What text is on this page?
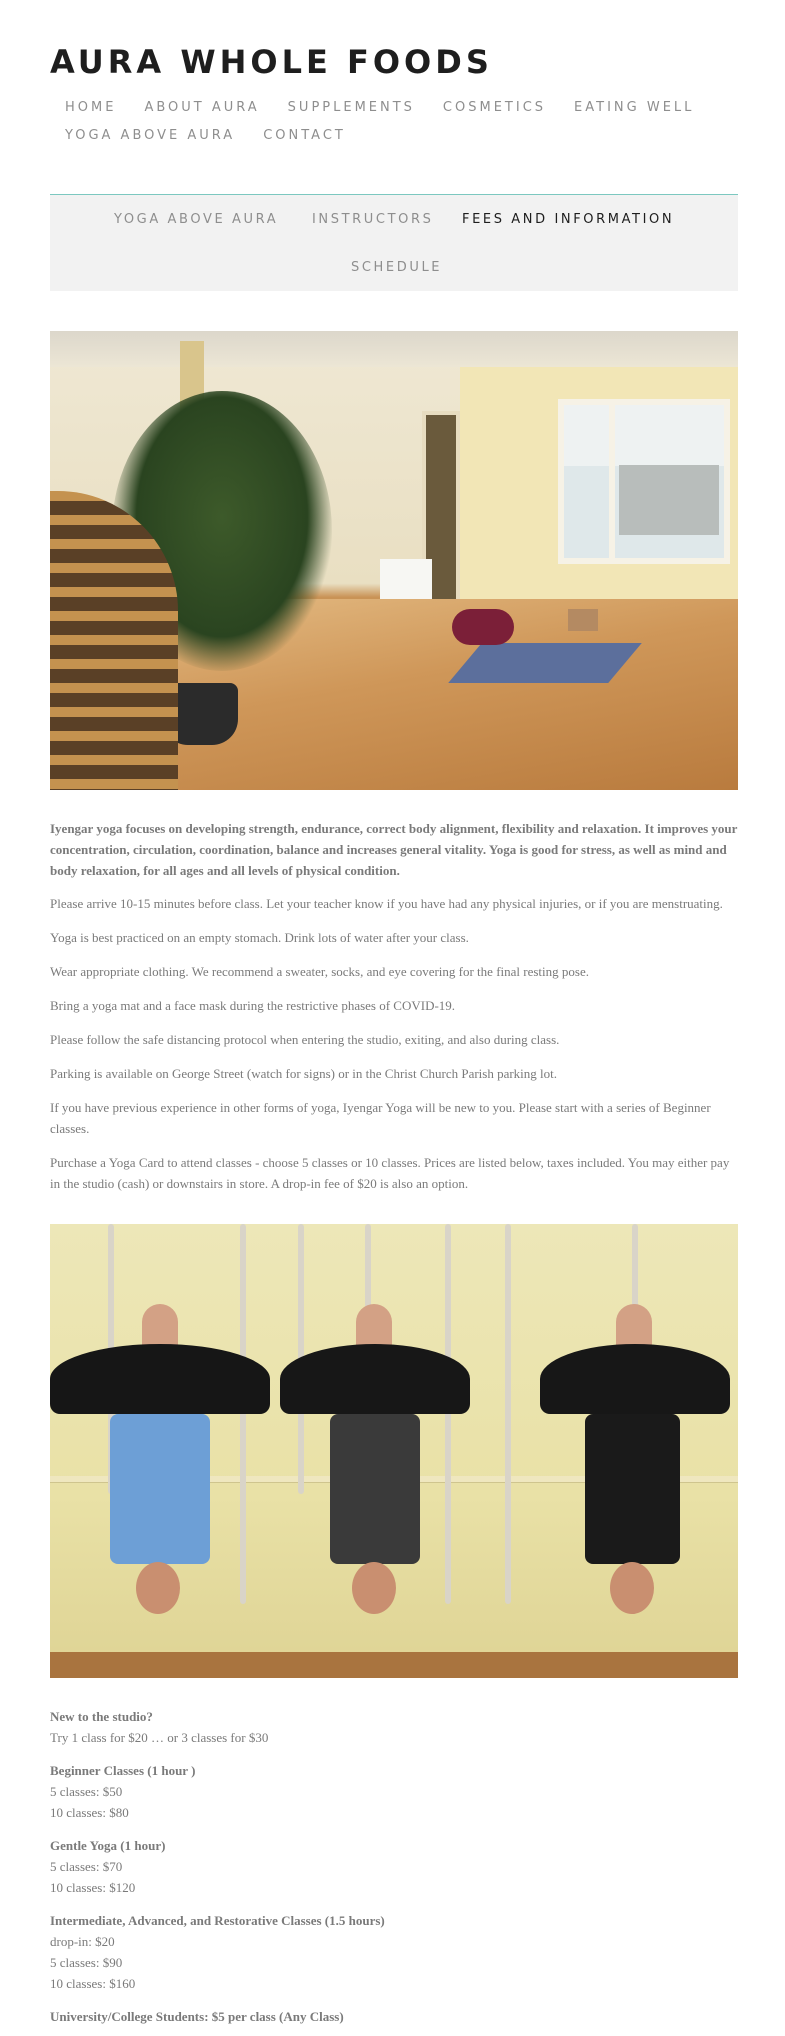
AURA WHOLE FOODS
HOME ABOUT AURA SUPPLEMENTS COSMETICS EATING WELL
YOGA ABOVE AURA CONTACT
YOGA ABOVE AURA	INSTRUCTORS FEES AND INFORMATION
SCHEDULE

Iyengar yoga focuses on developing strength, endurance, correct body alignment, flexibility and relaxation. It improves your concentration, circulation, coordination, balance and increases general vitality. Yoga is good for stress, as well as mind and body relaxation, for all ages and all levels of physical condition.

Please arrive 10-15 minutes before class. Let your teacher know if you have had any physical injuries, or if you are menstruating.
Yoga is best practiced on an empty stomach. Drink lots of water after your class.
Wear appropriate clothing. We recommend a sweater, socks, and eye covering for the final resting pose.
Bring a yoga mat and a face mask during the restrictive phases of COVID-19.
Please follow the safe distancing protocol when entering the studio, exiting, and also during class.
Parking is available on George Street (watch for signs) or in the Christ Church Parish parking lot.
If you have previous experience in other forms of yoga, Iyengar Yoga will be new to you. Please start with a series of Beginner classes.
Purchase a Yoga Card to attend classes - choose 5 classes or 10 classes. Prices are listed below, taxes included. You may either pay in the studio (cash) or downstairs in store. A drop-in fee of $20 is also an option.
New to the studio?
Try 1 class for $20 … or 3 classes for $30
Beginner Classes (1 hour )
5 classes: $50
10 classes: $80
Gentle Yoga (1 hour)
5 classes: $70
10 classes: $120
Intermediate, Advanced, and Restorative Classes (1.5 hours)
drop-in: $20
5 classes: $90
10 classes: $160
University/College Students: $5 per class (Any Class)
